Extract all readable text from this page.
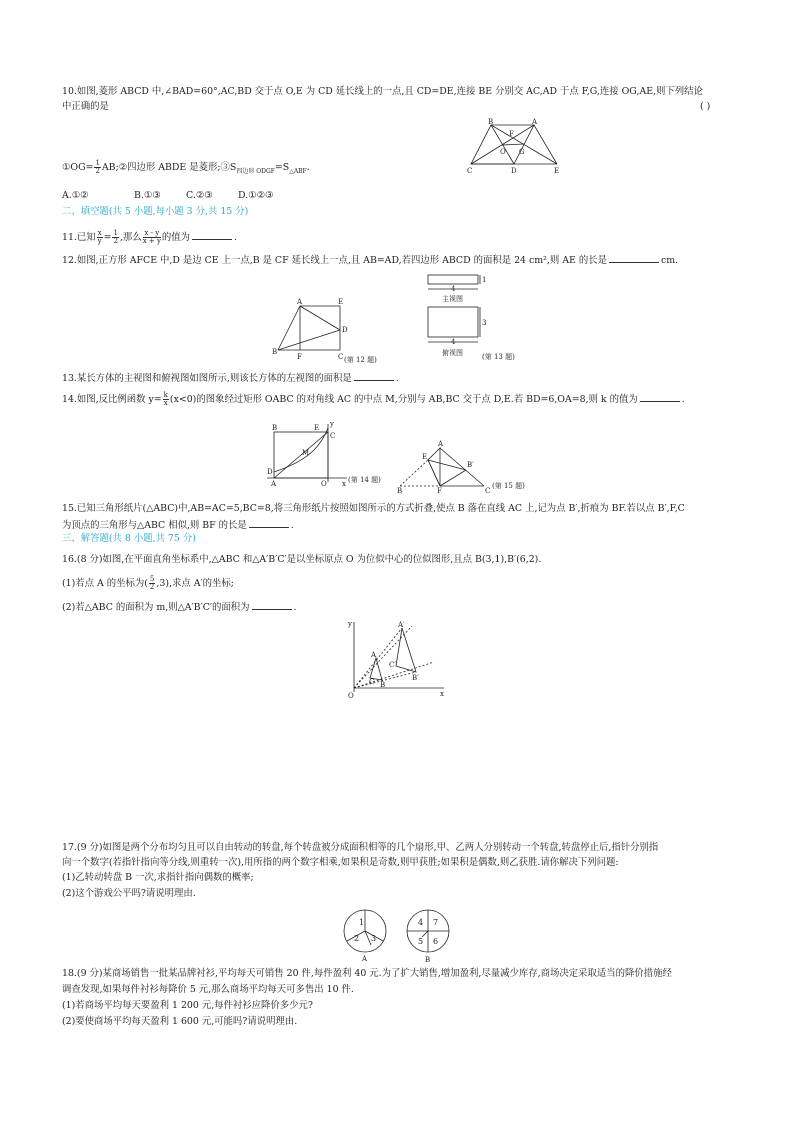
10.如图,菱形 ABCD 中,∠BAD=60°,AC,BD 交于点 O,E 为 CD 延长线上的一点,且 CD=DE,连接 BE 分别交 AC,AD 于点 F,G,连接 OG,AE,则下列结论
中正确的是	( )
B	A
C	D	E
F
G
O
①OG= $\frac{1}{2}$ AB;②四边形 ABDE 是菱形$;③S_{四边形 ODGF}=S_{\triangle ABF}$.
A.①②	B.①③	C.②③	D.①②③
二、填空题(共 5 小题,每小题 3 分,共 15 分)
11.已知 $\frac{x}{y} = \frac{1}{2}$ ,那么 $\frac{x - y}{x + y}$ 的值为	.
12.如图,正方形 AFCE 中,D 是边 CE 上一点,B 是 CF 延长线上一点,且 AB=AD,若四边形 ABCD 的面积是 24 cm²,则 AE 的长是	cm.
A	E
D
B
F	C (第 12 题)
4
1
主视图
3
4
俯视图	(第 13 题)
13.某长方体的主视图和俯视图如图所示,则该长方体的左视图的面积是	.
14.如图,反比例函数 $y= \frac{k}{x} (x<0)$的图象经过矩形 OABC 的对角线 AC 的中点 M,分别与 AB,BC 交于点 D,E.若 BD=6,OA=8,则 k 的值为	.
B	E
C
y
M
D
A	O x (第 14 题)
A
E
B′
C
B	F
(第 15 题)
15.已知三角形纸片(△ABC)中,AB=AC=5,BC=8,将三角形纸片按照如图所示的方式折叠,使点 B 落在直线 AC 上,记为点 B′,折痕为 BF.若以点 B′,F,C
为顶点的三角形与△ABC 相似,则 BF 的长是	.
三、解答题(共 8 小题,共 75 分)
16.(8 分)如图,在平面直角坐标系中,△ABC 和△A′B′C′是以坐标原点 O 为位似中心的位似图形,且点 B(3,1),B′(6,2).
(1)若点 A 的坐标为( $\frac{5}{2} ,3$),求点 A′的坐标;
(2)若△ABC 的面积为 m,则△A′B′C′的面积为	.
y	A′
A
C′
C B
B′
O	x
17.(9 分)如图是两个分布均匀且可以自由转动的转盘,每个转盘被分成面积相等的几个扇形,甲、乙两人分别转动一个转盘,转盘停止后,指针分别指
向一个数字(若指针指向等分线,则重转一次),用所指的两个数字相乘,如果积是奇数,则甲获胜;如果积是偶数,则乙获胜.请你解决下列问题:
(1)乙转动转盘 B 一次,求指针指向偶数的概率;
(2)这个游戏公平吗?请说明理由.
1
2 3
4 7
5 6
A	B
18.(9 分)某商场销售一批某品牌衬衫,平均每天可销售 20 件,每件盈利 40 元.为了扩大销售,增加盈利,尽量减少库存,商场决定采取适当的降价措施经
调查发现,如果每件衬衫每降价 5 元,那么商场平均每天可多售出 10 件.
(1)若商场平均每天要盈利 1 200 元,每件衬衫应降价多少元?
(2)要使商场平均每天盈利 1 600 元,可能吗?请说明理由.
